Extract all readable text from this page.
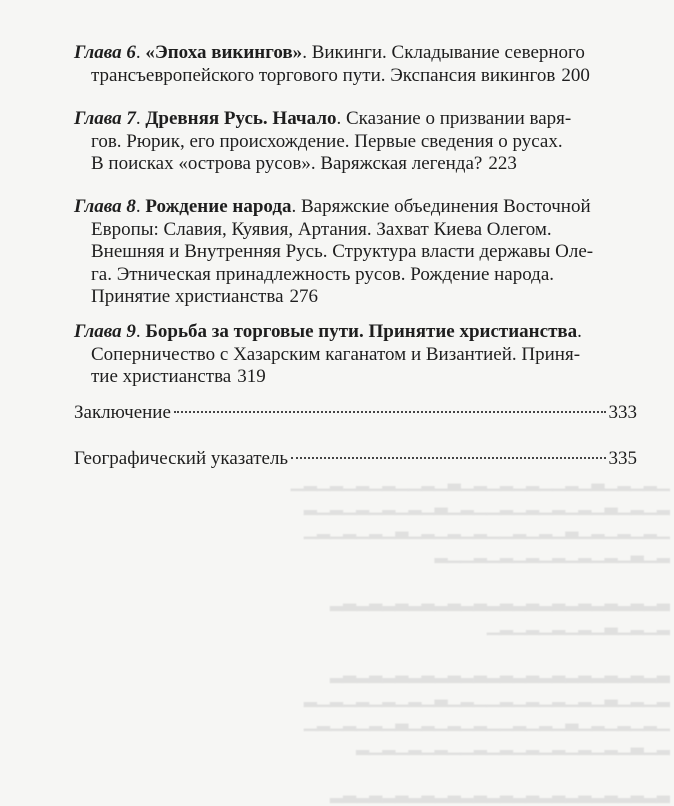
▁▂▁▂▁▃▁▂▁▁▂▁▂▁▂▁▃▁▂▁▁▂▁▂▁▂▁▂▁
▂▁▂▁▃▁▂▁▂▁▂▁▂▁▁▂▁▃▁▂▁▂▁▂▁▂▁▂
▁▂▁▂▁▂▁▃▁▂▁▂▁▁▂▁▂▁▂▁▃▁▂▁▂▁▂▁
▂▁▃▁▂▁▂▁▂▁▂▁▂▁▂▁▁▂

▃▂▃▂▃▂▃▂▃▂▃▂▃▂▃▂▃▂▃▂▃▂▃▂▃▂
▂▁▂▁▃▁▂▁▂▁▂▁▂▁

▃▂▃▂▃▂▃▂▃▂▃▂▃▂▃▂▃▂▃▂▃▂▃▂▃▂
▂▁▂▁▃▁▂▁▂▁▂▁▂▁▁▂▁▃▁▂▁▂▁▂▁▂▁▂
▁▂▁▂▁▂▁▃▁▂▁▂▁▁▂▁▂▁▂▁▃▁▂▁▂▁▂▁
▂▁▃▁▂▁▂▁▂▁▂▁▂▁▂▁▁▂▁▂▁▂▁▂

▃▂▃▂▃▂▃▂▃▂▃▂▃▂▃▂▃▂▃▂▃▂▃▂▃▂
Глава 6. «Эпоха викингов». Викинги. Складывание северного
трансъевропейского торгового пути. Экспансия викингов 200
Глава 7. Древняя Русь. Начало. Сказание о призвании варя-
гов. Рюрик, его происхождение. Первые сведения о русах.
В поисках «острова русов». Варяжская легенда? 223
Глава 8. Рождение народа. Варяжские объединения Восточной
Европы: Славия, Куявия, Артания. Захват Киева Олегом.
Внешняя и Внутренняя Русь. Структура власти державы Оле-
га. Этническая принадлежность русов. Рождение народа.
Принятие христианства 276
Глава 9. Борьба за торговые пути. Принятие христианства.
Соперничество с Хазарским каганатом и Византией. Приня-
тие христианства 319
Заключение	333
Географический указатель	335
